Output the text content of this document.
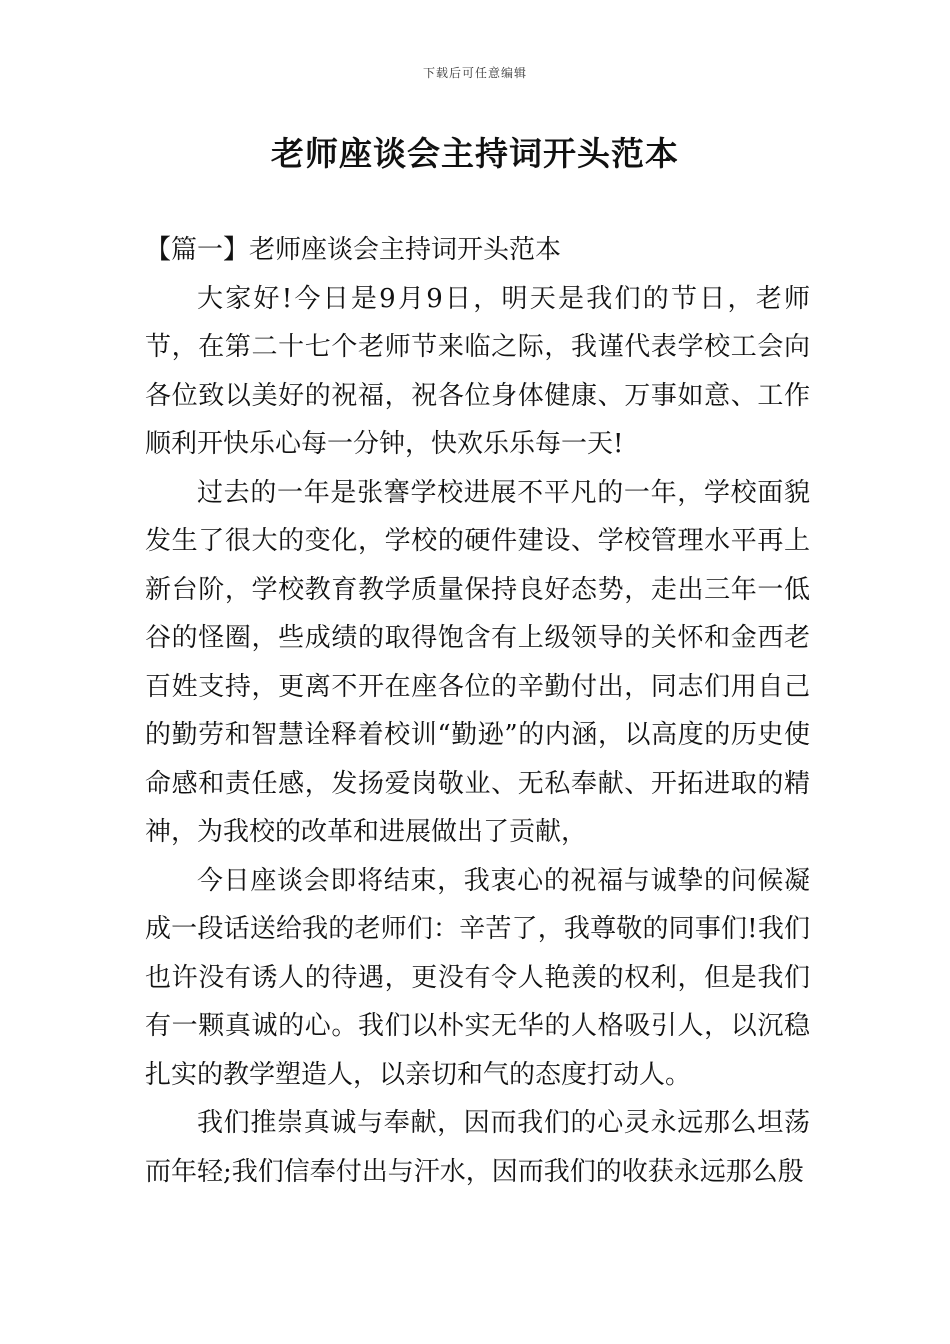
下载后可任意编辑
老师座谈会主持词开头范本

【篇一】老师座谈会主持词开头范本

大家好!今日是9月9日，明天是我们的节日，老师节，在第二十七个老师节来临之际，我谨代表学校工会向各位致以美好的祝福，祝各位身体健康、万事如意、工作顺利开快乐心每一分钟，快欢乐乐每一天!

过去的一年是张謇学校进展不平凡的一年，学校面貌发生了很大的变化，学校的硬件建设、学校管理水平再上新台阶，学校教育教学质量保持良好态势，走出三年一低谷的怪圈，些成绩的取得饱含有上级领导的关怀和金西老百姓支持，更离不开在座各位的辛勤付出，同志们用自己的勤劳和智慧诠释着校训“勤逊”的内涵，以高度的历史使命感和责任感，发扬爱岗敬业、无私奉献、开拓进取的精神，为我校的改革和进展做出了贡献，

今日座谈会即将结束，我衷心的祝福与诚挚的问候凝成一段话送给我的老师们：辛苦了，我尊敬的同事们!我们也许没有诱人的待遇，更没有令人艳羡的权利，但是我们有一颗真诚的心。我们以朴实无华的人格吸引人，以沉稳扎实的教学塑造人，以亲切和气的态度打动人。

我们推崇真诚与奉献，因而我们的心灵永远那么坦荡而年轻;我们信奉付出与汗水，因而我们的收获永远那么殷
